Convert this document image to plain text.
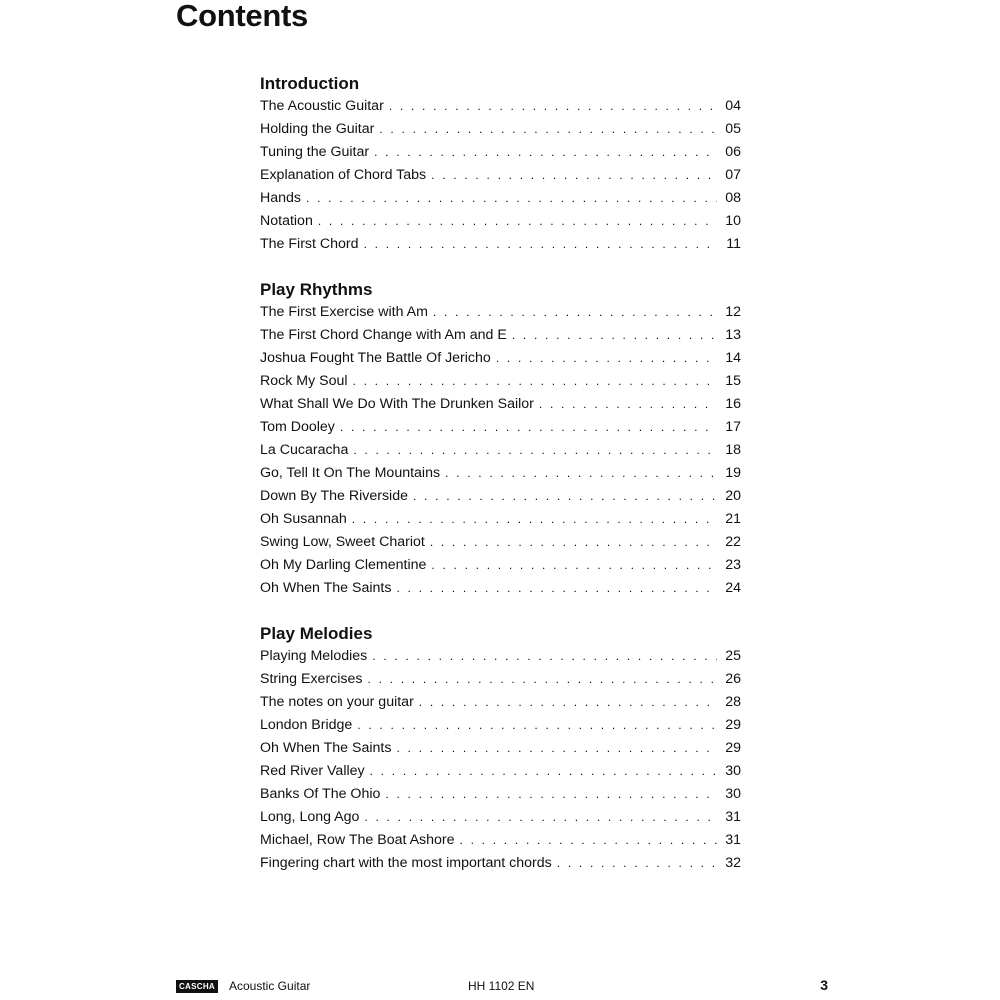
Contents
Introduction
The Acoustic Guitar . . .	04
Holding the Guitar . . .	05
Tuning the Guitar . . .	06
Explanation of Chord Tabs . . .	07
Hands . . .	08
Notation . . .	10
The First Chord . . .	11
Play Rhythms
The First Exercise with Am . . .	12
The First Chord Change with Am and E . . .	13
Joshua Fought The Battle Of Jericho . . .	14
Rock My Soul . . .	15
What Shall We Do With The Drunken Sailor . . .	16
Tom Dooley . . .	17
La Cucaracha . . .	18
Go, Tell It On The Mountains . . .	19
Down By The Riverside . . .	20
Oh Susannah . . .	21
Swing Low, Sweet Chariot . . .	22
Oh My Darling Clementine . . .	23
Oh When The Saints . . .	24
Play Melodies
Playing Melodies . . .	25
String Exercises . . .	26
The notes on your guitar . . .	28
London Bridge . . .	29
Oh When The Saints . . .	29
Red River Valley . . .	30
Banks Of The Ohio . . .	30
Long, Long Ago . . .	31
Michael, Row The Boat Ashore . . .	31
Fingering chart with the most important chords . . .	32
CASCHA Acoustic Guitar	HH 1102 EN	3
